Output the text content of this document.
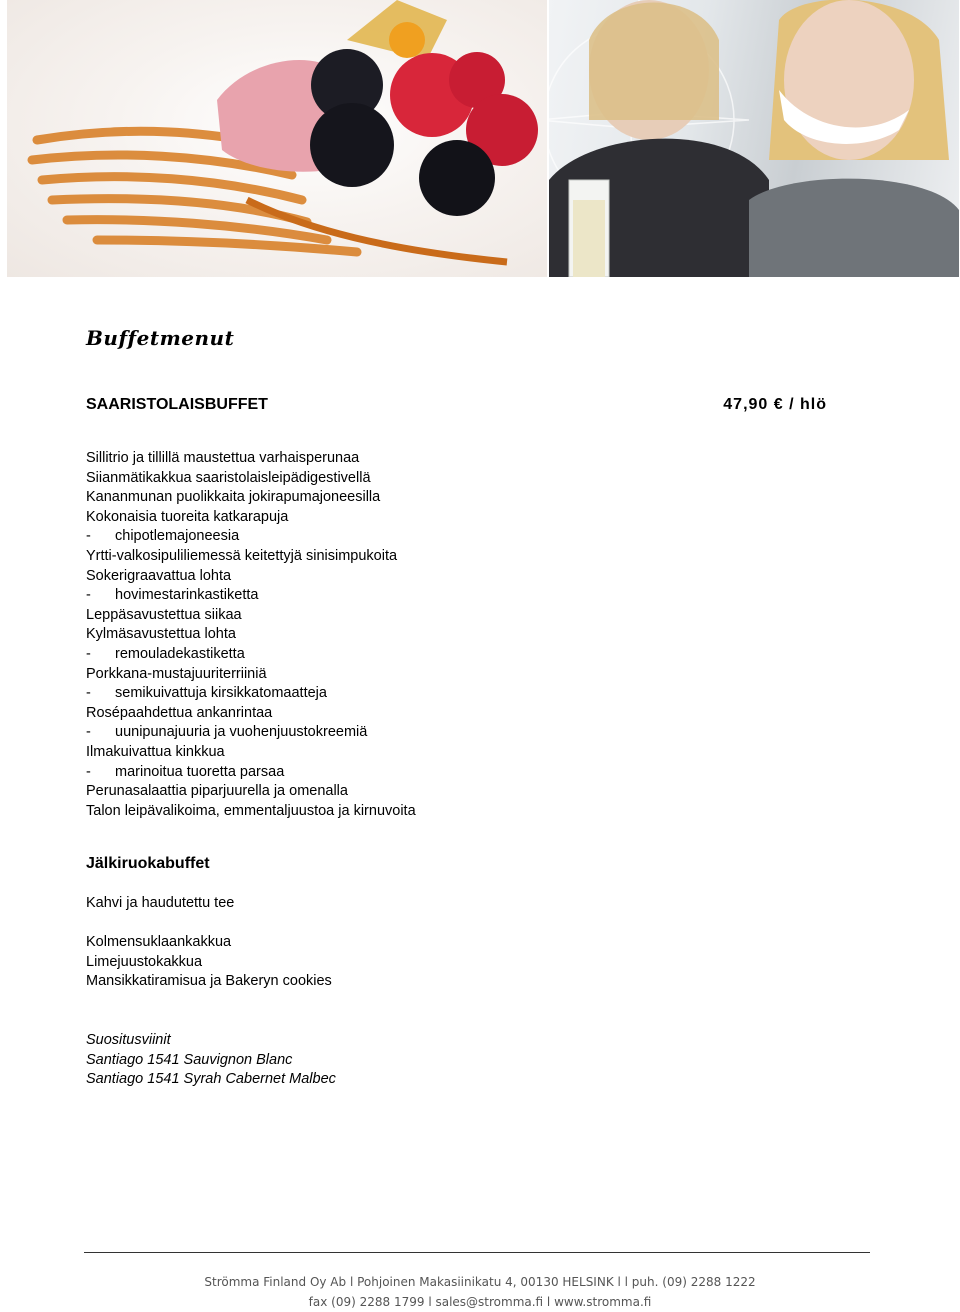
Buffetmenut
SAARISTOLAISBUFFET	47,90 € / hlö
Sillitrio ja tillillä maustettua varhaisperunaa
Siianmätikakkua saaristolaisleipädigestivellä
Kananmunan puolikkaita jokirapumajoneesilla
Kokonaisia tuoreita katkarapuja
- chipotlemajoneesia
Yrtti-valkosipuliliemessä keitettyjä sinisimpukoita
Sokerigraavattua lohta
- hovimestarinkastiketta
Leppäsavustettua siikaa
Kylmäsavustettua lohta
- remouladekastiketta
Porkkana-mustajuuriterriiniä
- semikuivattuja kirsikkatomaatteja
Rosépaahdettua ankanrintaa
- uunipunajuuria ja vuohenjuustokreemiä
Ilmakuivattua kinkkua
- marinoitua tuoretta parsaa
Perunasalaattia piparjuurella ja omenalla
Talon leipävalikoima, emmentaljuustoa ja kirnuvoita
Jälkiruokabuffet
Kahvi ja haudutettu tee
Kolmensuklaankakkua
Limejuustokakkua
Mansikkatiramisua ja Bakeryn cookies
Suositusviinit
Santiago 1541 Sauvignon Blanc
Santiago 1541 Syrah Cabernet Malbec
Strömma Finland Oy Ab l Pohjoinen Makasiinikatu 4, 00130 HELSINK l l puh. (09) 2288 1222
fax (09) 2288 1799 l sales@stromma.fi l www.stromma.fi
